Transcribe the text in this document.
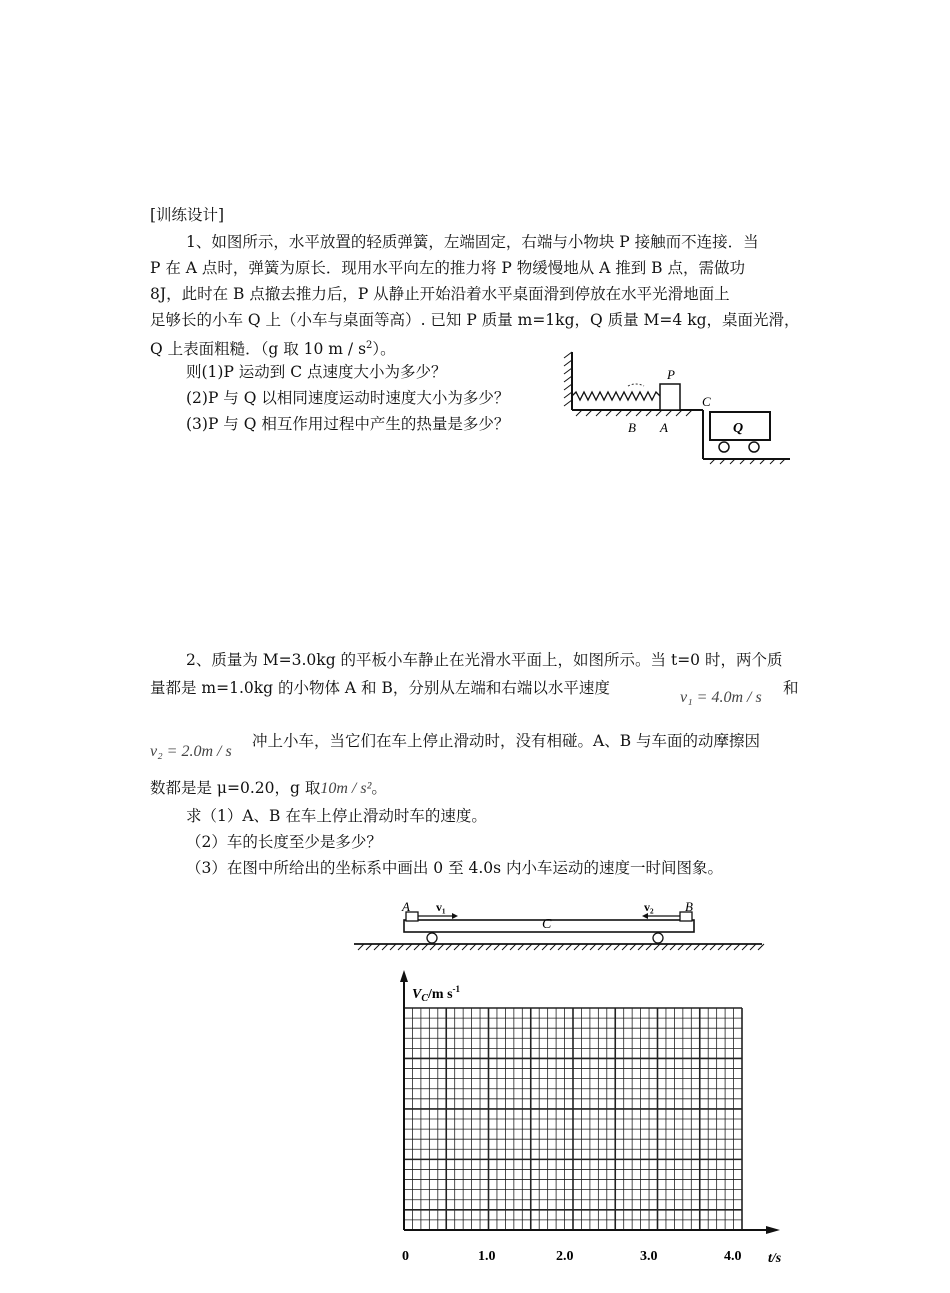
[训练设计]
1、如图所示，水平放置的轻质弹簧，左端固定，右端与小物块 P 接触而不连接．当
P 在 A 点时，弹簧为原长．现用水平向左的推力将 P 物缓慢地从 A 推到 B 点，需做功
8J，此时在 B 点撤去推力后，P 从静止开始沿着水平桌面滑到停放在水平光滑地面上
足够长的小车 Q 上（小车与桌面等高）. 已知 P 质量 m=1kg，Q 质量 M=4 kg，桌面光滑，
Q 上表面粗糙．（g 取 10 m / $s^2$）。
则(1)P 运动到 C 点速度大小为多少？
(2)P 与 Q 以相同速度运动时速度大小为多少？
(3)P 与 Q 相互作用过程中产生的热量是多少？
P
C
B A	Q
2、质量为 M=3.0kg 的平板小车静止在光滑水平面上，如图所示。当 t=0 时，两个质
量都是 m=1.0kg 的小物体 A 和 B，分别从左端和右端以水平速度
v₁ = 4.0m / s
和
v₂ = 2.0m / s
冲上小车，当它们在车上停止滑动时，没有相碰。A、B 与车面的动摩擦因
数都是是 μ=0.20，g 取10m / s²。
求（1）A、B 在车上停止滑动时车的速度。
（2）车的长度至少是多少？
（3）在图中所给出的坐标系中画出 0 至 4.0s 内小车运动的速度一时间图象。
A v₁
C
v₂ B
$V_C/m$ $s^{-1}$
0	1.0	2.0	3.0	4.0 t/s
